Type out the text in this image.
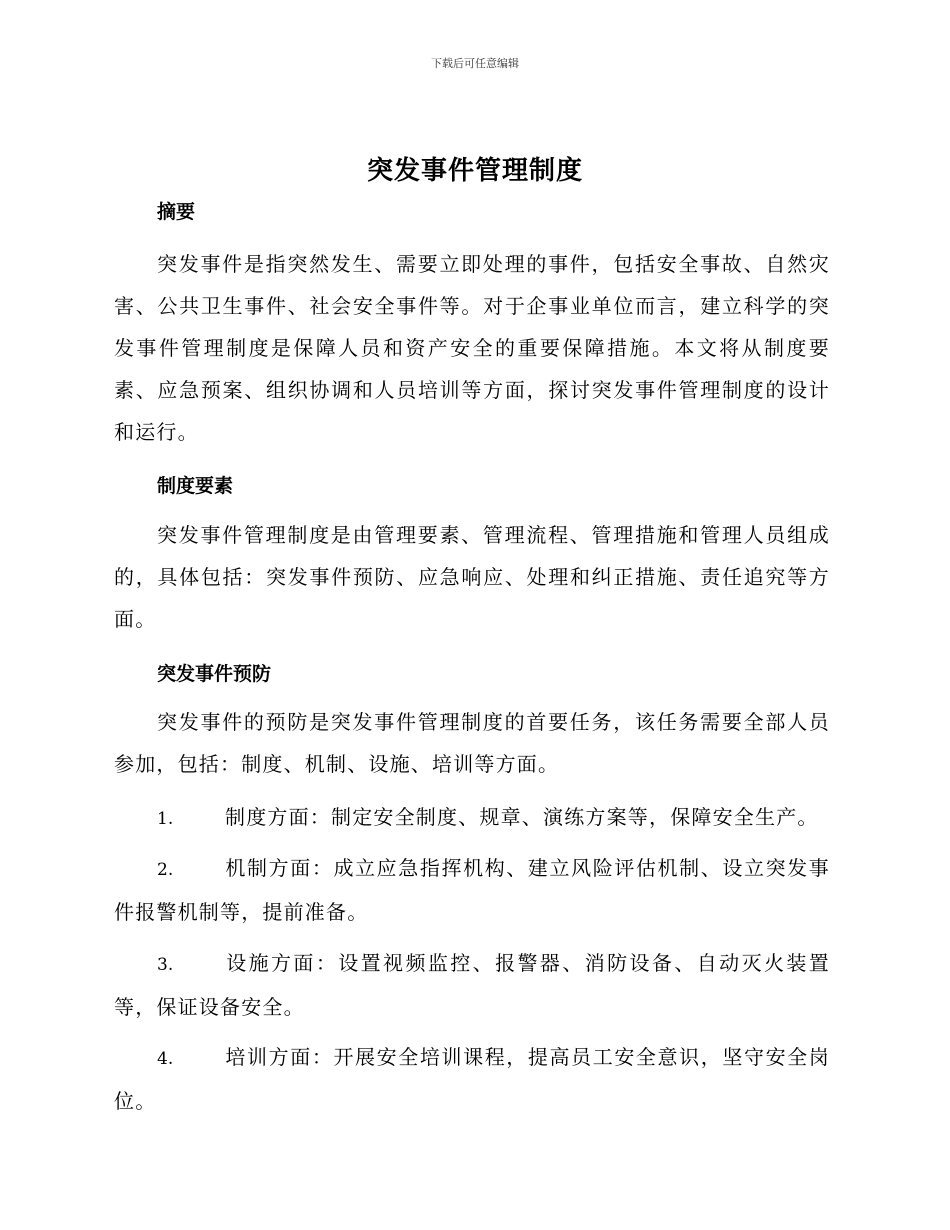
下载后可任意编辑
突发事件管理制度
摘要
突发事件是指突然发生、需要立即处理的事件，包括安全事故、自然灾害、公共卫生事件、社会安全事件等。对于企事业单位而言，建立科学的突发事件管理制度是保障人员和资产安全的重要保障措施。本文将从制度要素、应急预案、组织协调和人员培训等方面，探讨突发事件管理制度的设计和运行。
制度要素
突发事件管理制度是由管理要素、管理流程、管理措施和管理人员组成的，具体包括：突发事件预防、应急响应、处理和纠正措施、责任追究等方面。
突发事件预防
突发事件的预防是突发事件管理制度的首要任务，该任务需要全部人员参加，包括：制度、机制、设施、培训等方面。
1.	制度方面：制定安全制度、规章、演练方案等，保障安全生产。
2.	机制方面：成立应急指挥机构、建立风险评估机制、设立突发事件报警机制等，提前准备。
3.	设施方面：设置视频监控、报警器、消防设备、自动灭火装置等，保证设备安全。
4.	培训方面：开展安全培训课程，提高员工安全意识，坚守安全岗位。
